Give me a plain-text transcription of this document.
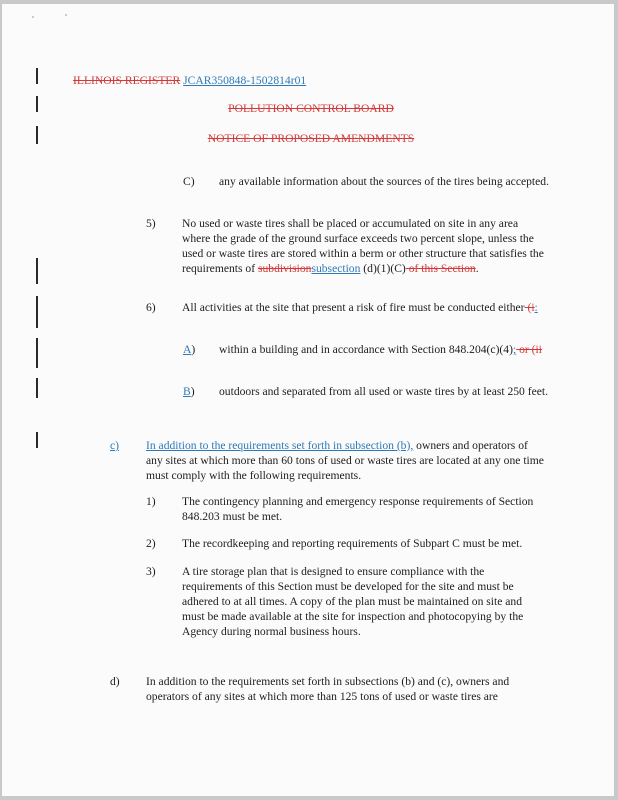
ILLINOIS REGISTER JCAR350848-1502814r01
POLLUTION CONTROL BOARD
NOTICE OF PROPOSED AMENDMENTS
C) any available information about the sources of the tires being accepted.
5) No used or waste tires shall be placed or accumulated on site in any area where the grade of the ground surface exceeds two percent slope, unless the used or waste tires are stored within a berm or other structure that satisfies the requirements of subdivisionsubsection (d)(1)(C) of this Section.
6) All activities at the site that present a risk of fire must be conducted either (i:
A) within a building and in accordance with Section 848.204(c)(4); or (ii
B) outdoors and separated from all used or waste tires by at least 250 feet.
c) In addition to the requirements set forth in subsection (b), owners and operators of any sites at which more than 60 tons of used or waste tires are located at any one time must comply with the following requirements.
1) The contingency planning and emergency response requirements of Section 848.203 must be met.
2) The recordkeeping and reporting requirements of Subpart C must be met.
3) A tire storage plan that is designed to ensure compliance with the requirements of this Section must be developed for the site and must be adhered to at all times. A copy of the plan must be maintained on site and must be made available at the site for inspection and photocopying by the Agency during normal business hours.
d) In addition to the requirements set forth in subsections (b) and (c), owners and operators of any sites at which more than 125 tons of used or waste tires are
